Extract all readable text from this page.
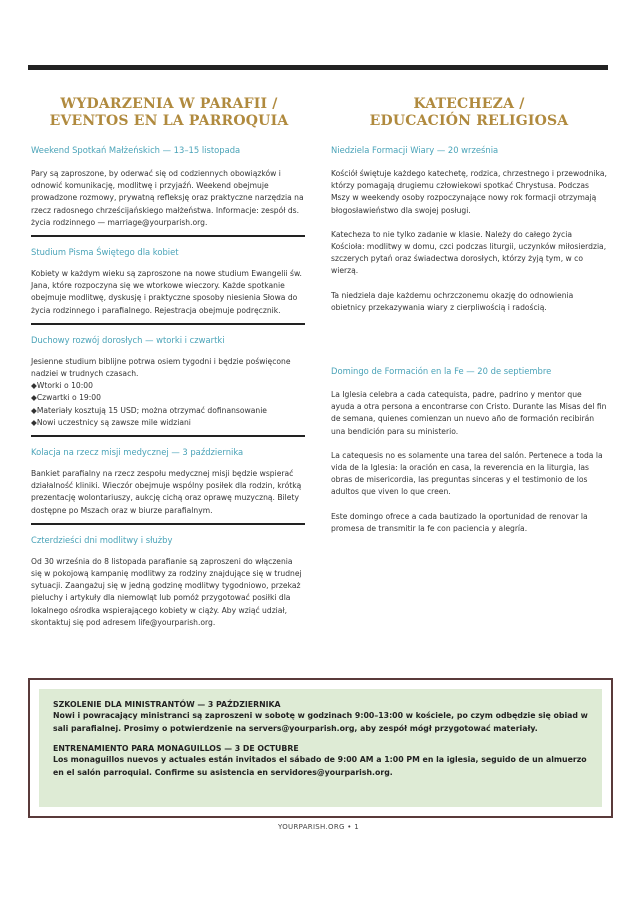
WYDARZENIA W PARAFII /
EVENTOS EN LA PARROQUIA
Weekend Spotkań Małżeńskich — 13–15 listopada
Pary są zaproszone, by oderwać się od codziennych obowiązków i odnowić komunikację, modlitwę i przyjaźń. Weekend obejmuje prowadzone rozmowy, prywatną refleksję oraz praktyczne narzędzia na rzecz radosnego chrześcijańskiego małżeństwa. Informacje: zespół ds. życia rodzinnego — marriage@yourparish.org.
Studium Pisma Świętego dla kobiet
Kobiety w każdym wieku są zaproszone na nowe studium Ewangelii św. Jana, które rozpoczyna się we wtorkowe wieczory. Każde spotkanie obejmuje modlitwę, dyskusję i praktyczne sposoby niesienia Słowa do życia rodzinnego i parafialnego. Rejestracja obejmuje podręcznik.
Duchowy rozwój dorosłych — wtorki i czwartki
Jesienne studium biblijne potrwa osiem tygodni i będzie poświęcone nadziei w trudnych czasach.
◆ Wtorki o 10:00
◆ Czwartki o 19:00
◆ Materiały kosztują 15 USD; można otrzymać dofinansowanie
◆ Nowi uczestnicy są zawsze mile widziani
Kolacja na rzecz misji medycznej — 3 października
Bankiet parafialny na rzecz zespołu medycznej misji będzie wspierać działalność kliniki. Wieczór obejmuje wspólny posiłek dla rodzin, krótką prezentację wolontariuszy, aukcję cichą oraz oprawę muzyczną. Bilety dostępne po Mszach oraz w biurze parafialnym.
Czterdzieści dni modlitwy i służby
Od 30 września do 8 listopada parafianie są zaproszeni do włączenia się w pokojową kampanię modlitwy za rodziny znajdujące się w trudnej sytuacji. Zaangażuj się w jedną godzinę modlitwy tygodniowo, przekaż pieluchy i artykuły dla niemowląt lub pomóż przygotować posiłki dla lokalnego ośrodka wspierającego kobiety w ciąży. Aby wziąć udział, skontaktuj się pod adresem life@yourparish.org.
KATECHEZA /
EDUCACIÓN RELIGIOSA
Niedziela Formacji Wiary — 20 września

Kościół świętuje każdego katechetę, rodzica, chrzestnego i przewodnika, którzy pomagają drugiemu człowiekowi spotkać Chrystusa. Podczas Mszy w weekendy osoby rozpoczynające nowy rok formacji otrzymają błogosławieństwo dla swojej posługi.

Katecheza to nie tylko zadanie w klasie. Należy do całego życia Kościoła: modlitwy w domu, czci podczas liturgii, uczynków miłosierdzia, szczerych pytań oraz świadectwa dorosłych, którzy żyją tym, w co wierzą.

Ta niedziela daje każdemu ochrzczonemu okazję do odnowienia obietnicy przekazywania wiary z cierpliwością i radością.

Domingo de Formación en la Fe — 20 de septiembre

La Iglesia celebra a cada catequista, padre, padrino y mentor que ayuda a otra persona a encontrarse con Cristo. Durante las Misas del fin de semana, quienes comienzan un nuevo año de formación recibirán una bendición para su ministerio.

La catequesis no es solamente una tarea del salón. Pertenece a toda la vida de la Iglesia: la oración en casa, la reverencia en la liturgia, las obras de misericordia, las preguntas sinceras y el testimonio de los adultos que viven lo que creen.

Este domingo ofrece a cada bautizado la oportunidad de renovar la promesa de transmitir la fe con paciencia y alegría.

SZKOLENIE DLA MINISTRANTÓW — 3 PAŹDZIERNIKA
Nowi i powracający ministranci są zaproszeni w sobotę w godzinach 9:00–13:00 w kościele, po czym odbędzie się obiad w sali parafialnej. Prosimy o potwierdzenie na servers@yourparish.org, aby zespół mógł przygotować materiały.
ENTRENAMIENTO PARA MONAGUILLOS — 3 DE OCTUBRE
Los monaguillos nuevos y actuales están invitados el sábado de 9:00 AM a 1:00 PM en la iglesia, seguido de un almuerzo en el salón parroquial. Confirme su asistencia en servidores@yourparish.org.
YOURPARISH.ORG • 1
